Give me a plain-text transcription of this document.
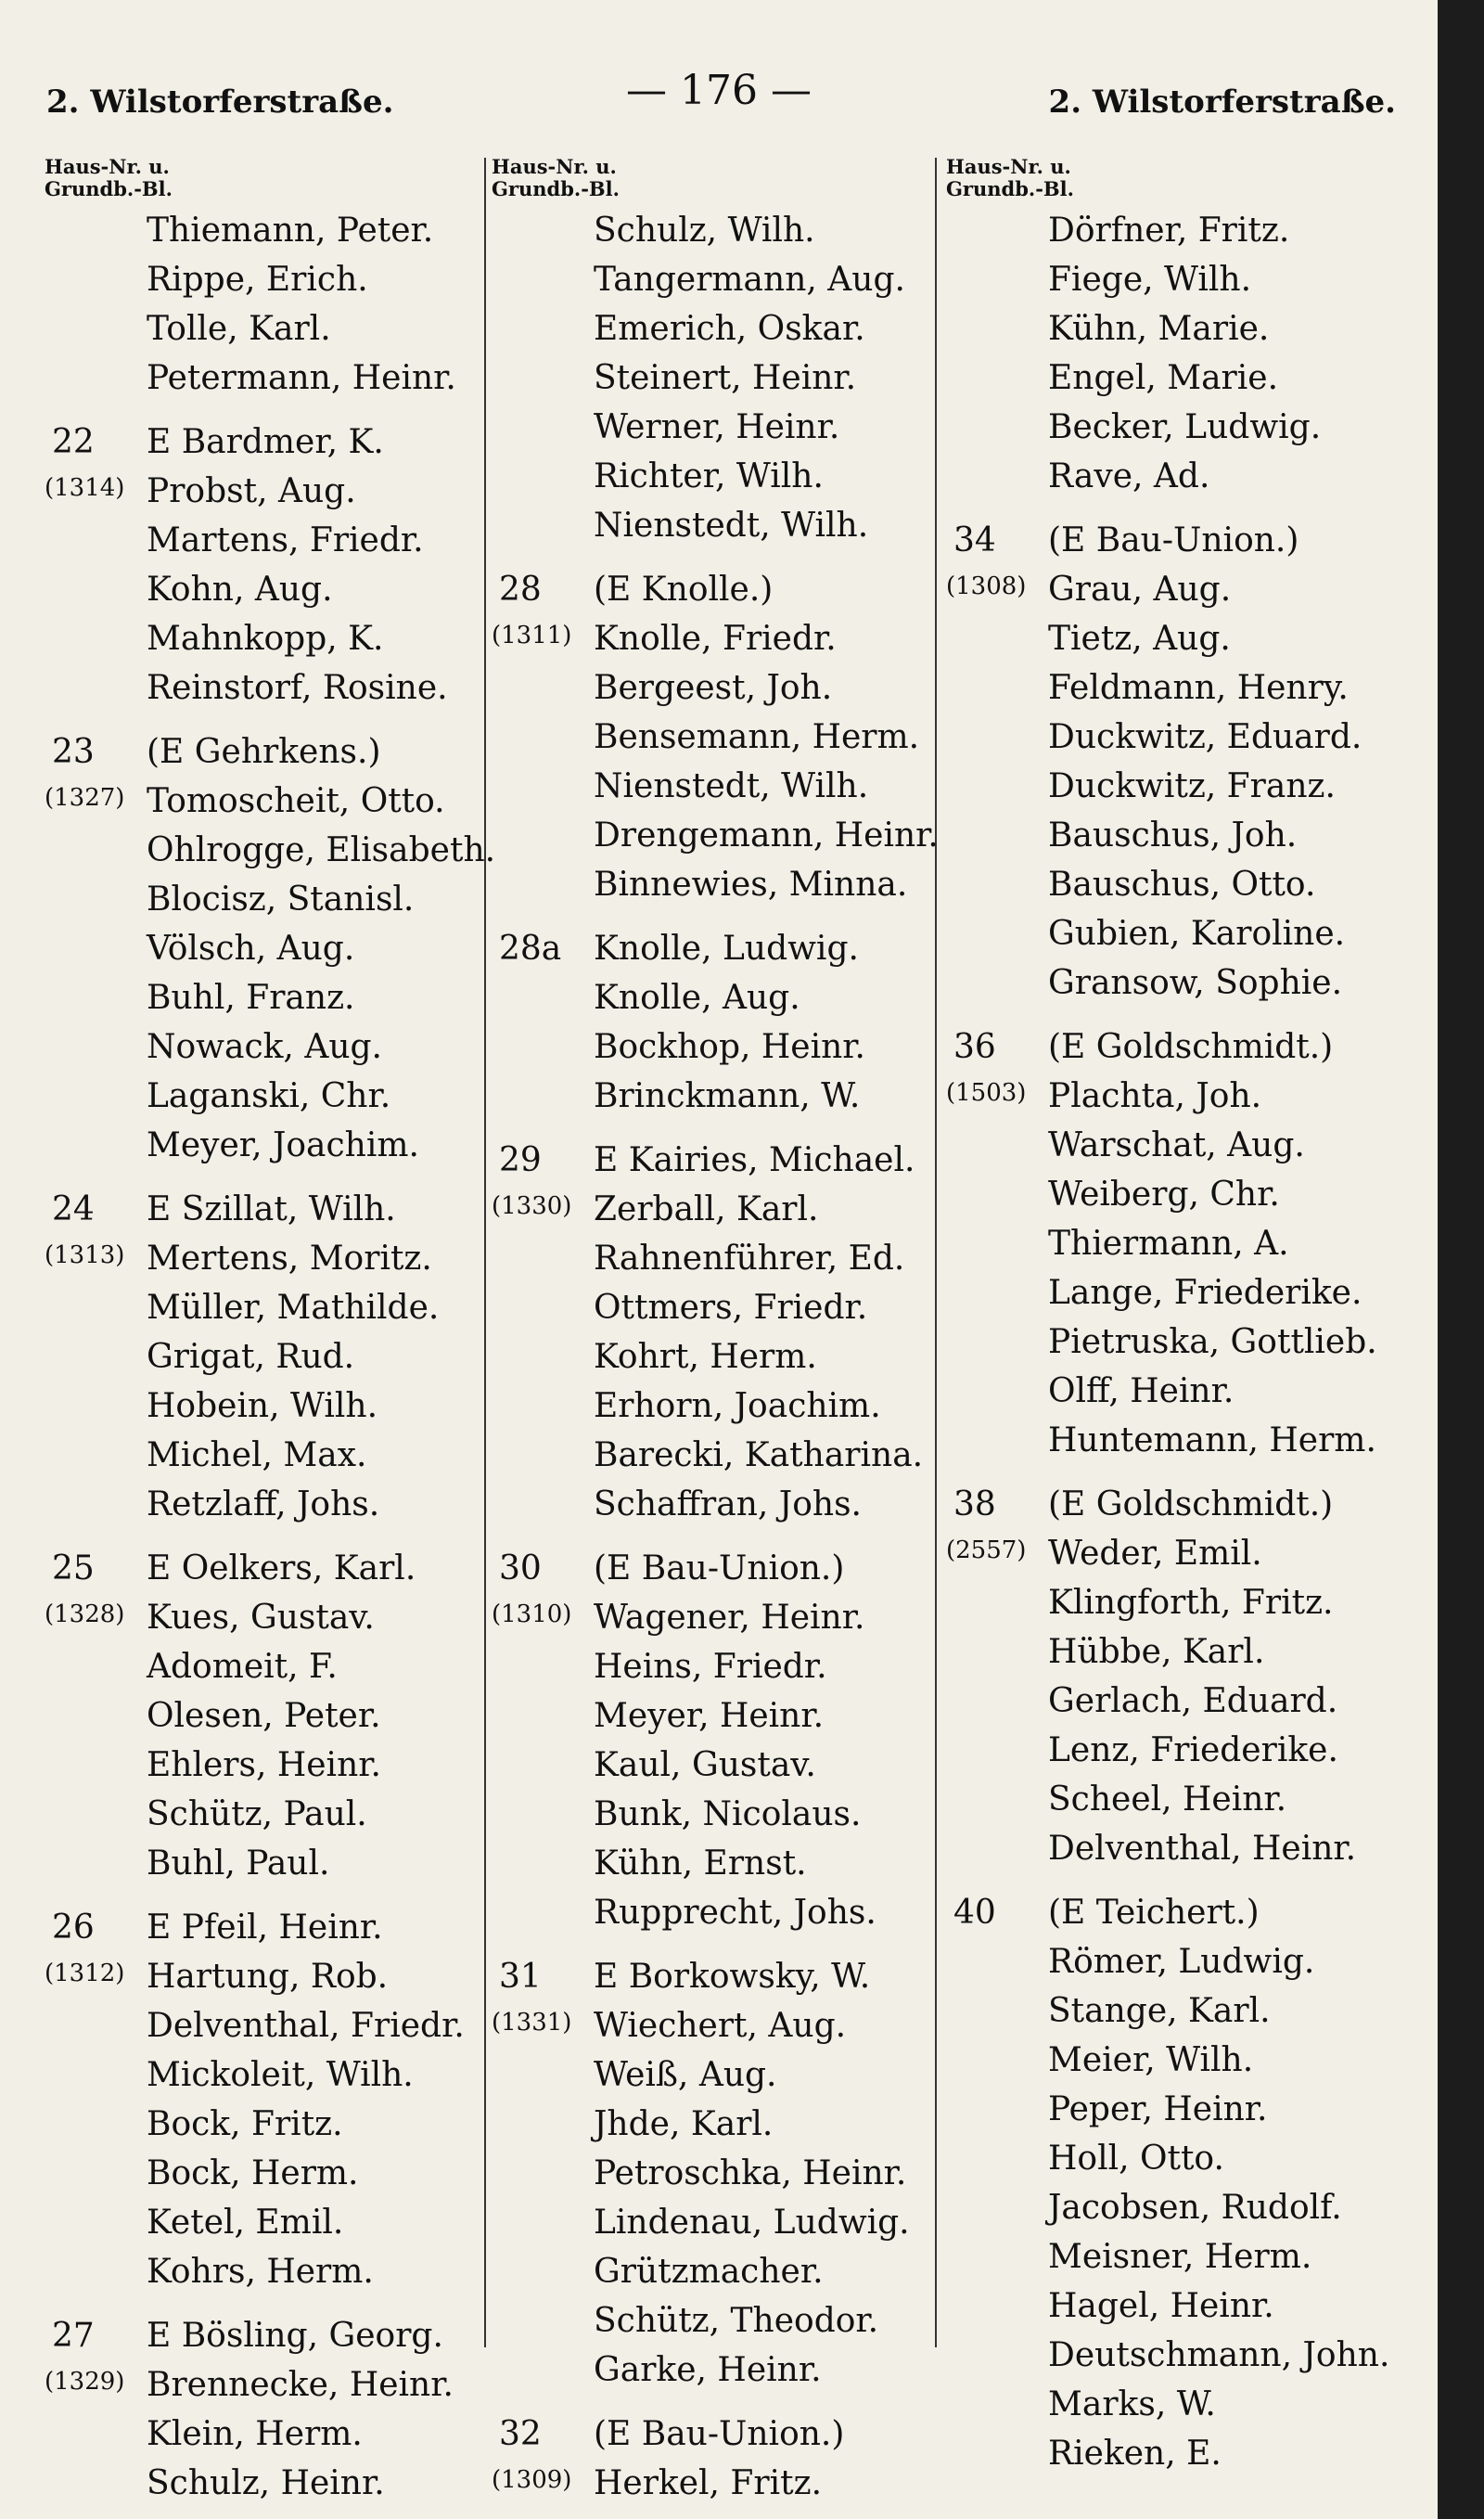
2. Wilstorferstraße.	— 176 —	2. Wilstorferstraße.
Haus-Nr. u.
Grundb.-Bl.
Thiemann, Peter.
Rippe, Erich.
Tolle, Karl.
Petermann, Heinr.
22	E Bardmer, K.
(1314) Probst, Aug.
Martens, Friedr.
Kohn, Aug.
Mahnkopp, K.
Reinstorf, Rosine.
23	(E Gehrkens.)
(1327) Tomoscheit, Otto.
Ohlrogge, Elisabeth.
Blocisz, Stanisl.
Völsch, Aug.
Buhl, Franz.
Nowack, Aug.
Laganski, Chr.
Meyer, Joachim.
24	E Szillat, Wilh.
(1313) Mertens, Moritz.
Müller, Mathilde.
Grigat, Rud.
Hobein, Wilh.
Michel, Max.
Retzlaff, Johs.
25	E Oelkers, Karl.
(1328) Kues, Gustav.
Adomeit, F.
Olesen, Peter.
Ehlers, Heinr.
Schütz, Paul.
Buhl, Paul.
26	E Pfeil, Heinr.
(1312) Hartung, Rob.
Delventhal, Friedr.
Mickoleit, Wilh.
Bock, Fritz.
Bock, Herm.
Ketel, Emil.
Kohrs, Herm.
27	E Bösling, Georg.
(1329) Brennecke, Heinr.
Klein, Herm.
Schulz, Heinr.
Haus-Nr. u.
Grundb.-Bl.
Schulz, Wilh.
Tangermann, Aug.
Emerich, Oskar.
Steinert, Heinr.
Werner, Heinr.
Richter, Wilh.
Nienstedt, Wilh.
28	(E Knolle.)
(1311) Knolle, Friedr.
Bergeest, Joh.
Bensemann, Herm.
Nienstedt, Wilh.
Drengemann, Heinr.
Binnewies, Minna.
28a Knolle, Ludwig.
Knolle, Aug.
Bockhop, Heinr.
Brinckmann, W.
29	E Kairies, Michael.
(1330) Zerball, Karl.
Rahnenführer, Ed.
Ottmers, Friedr.
Kohrt, Herm.
Erhorn, Joachim.
Barecki, Katharina.
Schaffran, Johs.
30	(E Bau-Union.)
(1310) Wagener, Heinr.
Heins, Friedr.
Meyer, Heinr.
Kaul, Gustav.
Bunk, Nicolaus.
Kühn, Ernst.
Rupprecht, Johs.
31	E Borkowsky, W.
(1331) Wiechert, Aug.
Weiß, Aug.
Jhde, Karl.
Petroschka, Heinr.
Lindenau, Ludwig.
Grützmacher.
Schütz, Theodor.
Garke, Heinr.
32	(E Bau-Union.)
(1309) Herkel, Fritz.
Haus-Nr. u.
Grundb.-Bl.
Dörfner, Fritz.
Fiege, Wilh.
Kühn, Marie.
Engel, Marie.
Becker, Ludwig.
Rave, Ad.
34	(E Bau-Union.)
(1308) Grau, Aug.
Tietz, Aug.
Feldmann, Henry.
Duckwitz, Eduard.
Duckwitz, Franz.
Bauschus, Joh.
Bauschus, Otto.
Gubien, Karoline.
Gransow, Sophie.
36	(E Goldschmidt.)
(1503) Plachta, Joh.
Warschat, Aug.
Weiberg, Chr.
Thiermann, A.
Lange, Friederike.
Pietruska, Gottlieb.
Olff, Heinr.
Huntemann, Herm.
38	(E Goldschmidt.)
(2557) Weder, Emil.
Klingforth, Fritz.
Hübbe, Karl.
Gerlach, Eduard.
Lenz, Friederike.
Scheel, Heinr.
Delventhal, Heinr.
40	(E Teichert.)
Römer, Ludwig.
Stange, Karl.
Meier, Wilh.
Peper, Heinr.
Holl, Otto.
Jacobsen, Rudolf.
Meisner, Herm.
Hagel, Heinr.
Deutschmann, John.
Marks, W.
Rieken, E.
